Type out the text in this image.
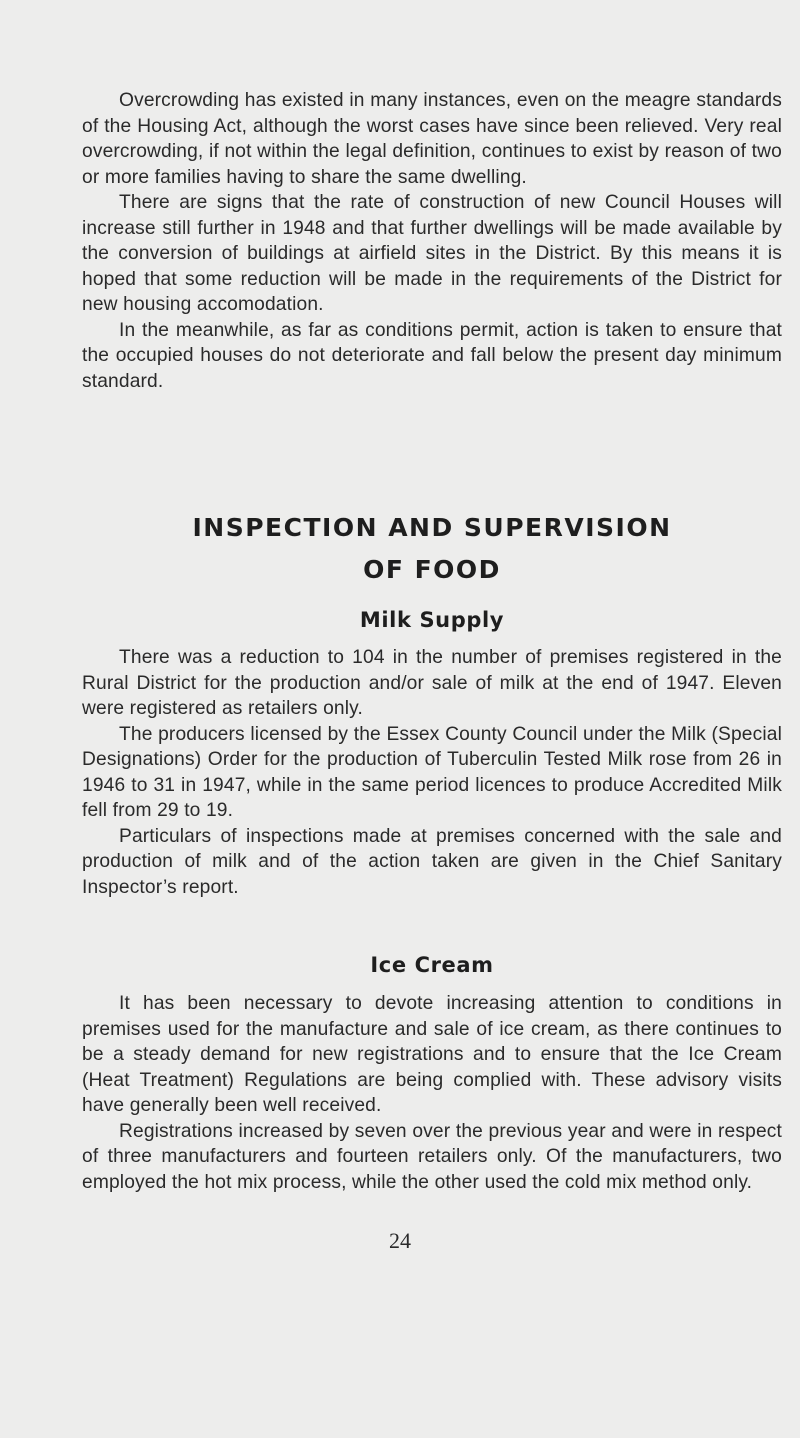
Overcrowding has existed in many instances, even on the meagre standards of the Housing Act, although the worst cases have since been relieved. Very real overcrowding, if not within the legal definition, continues to exist by reason of two or more families having to share the same dwelling.

There are signs that the rate of construction of new Council Houses will increase still further in 1948 and that further dwellings will be made available by the conversion of buildings at airfield sites in the District. By this means it is hoped that some reduction will be made in the requirements of the District for new housing accomodation.

In the meanwhile, as far as conditions permit, action is taken to ensure that the occupied houses do not deteriorate and fall below the present day minimum standard.

INSPECTION AND SUPERVISION
OF FOOD
Milk Supply

There was a reduction to 104 in the number of premises registered in the Rural District for the production and/or sale of milk at the end of 1947. Eleven were registered as retailers only.

The producers licensed by the Essex County Council under the Milk (Special Designations) Order for the production of Tuberculin Tested Milk rose from 26 in 1946 to 31 in 1947, while in the same period licences to produce Accredited Milk fell from 29 to 19.

Particulars of inspections made at premises concerned with the sale and production of milk and of the action taken are given in the Chief Sanitary Inspector’s report.

Ice Cream

It has been necessary to devote increasing attention to conditions in premises used for the manufacture and sale of ice cream, as there continues to be a steady demand for new registrations and to ensure that the Ice Cream (Heat Treatment) Regulations are being complied with. These advisory visits have generally been well received.

Registrations increased by seven over the previous year and were in respect of three manufacturers and fourteen retailers only. Of the manufacturers, two employed the hot mix process, while the other used the cold mix method only.

24
